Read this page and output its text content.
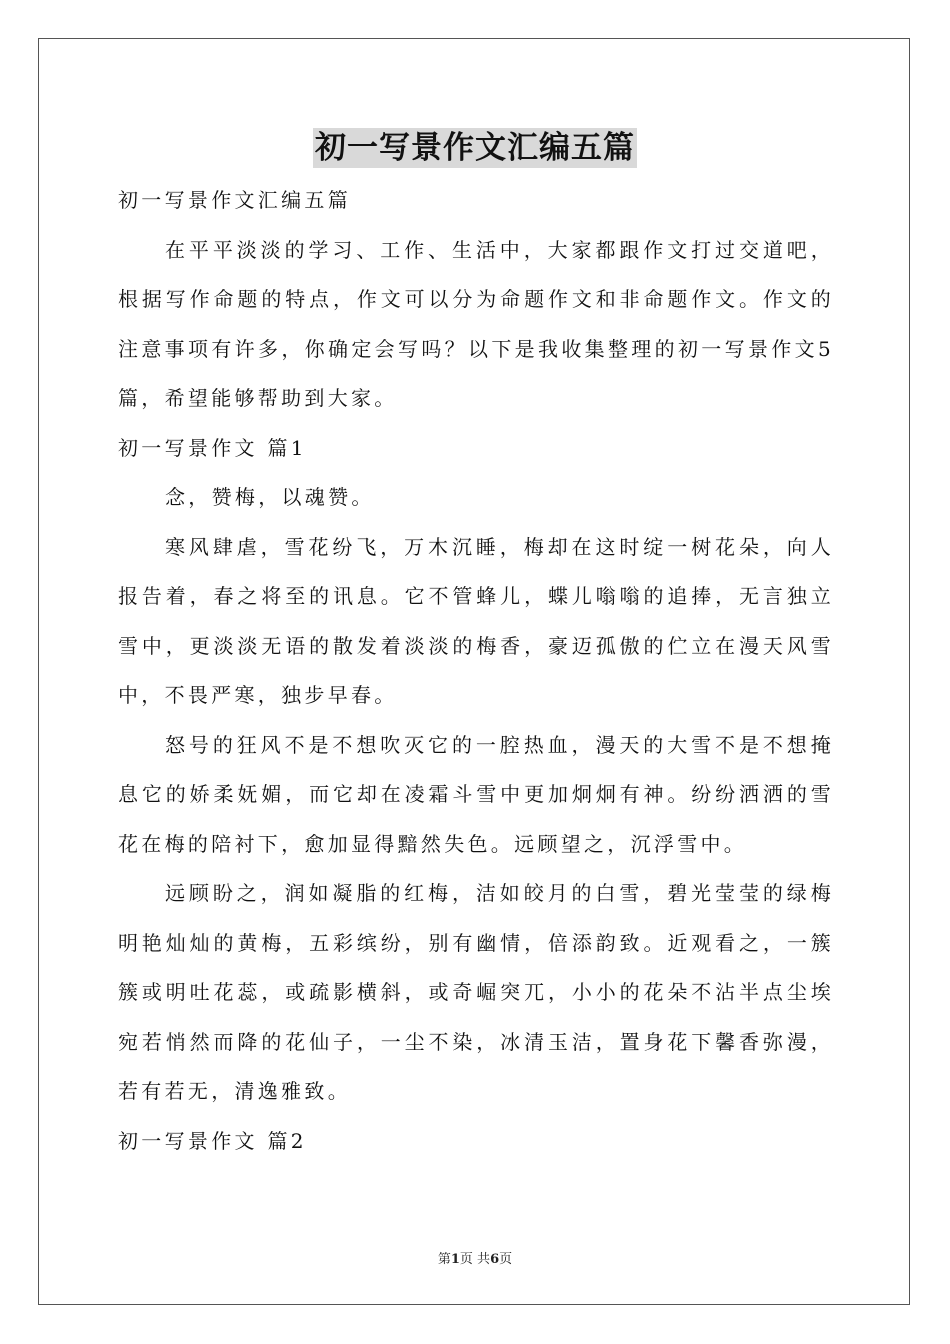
初一写景作文汇编五篇

初一写景作文汇编五篇

在平平淡淡的学习、工作、生活中，大家都跟作文打过交道吧，根据写作命题的特点，作文可以分为命题作文和非命题作文。作文的注意事项有许多，你确定会写吗？以下是我收集整理的初一写景作文5篇，希望能够帮助到大家。

初一写景作文 篇1

念，赞梅，以魂赞。

寒风肆虐，雪花纷飞，万木沉睡，梅却在这时绽一树花朵，向人报告着，春之将至的讯息。它不管蜂儿，蝶儿嗡嗡的追捧，无言独立雪中，更淡淡无语的散发着淡淡的梅香，豪迈孤傲的伫立在漫天风雪中，不畏严寒，独步早春。

怒号的狂风不是不想吹灭它的一腔热血，漫天的大雪不是不想掩息它的娇柔妩媚，而它却在凌霜斗雪中更加炯炯有神。纷纷洒洒的雪花在梅的陪衬下，愈加显得黯然失色。远顾望之，沉浮雪中。

远顾盼之，润如凝脂的红梅，洁如皎月的白雪，碧光莹莹的绿梅明艳灿灿的黄梅，五彩缤纷，别有幽情，倍添韵致。近观看之，一簇簇或明吐花蕊，或疏影横斜，或奇崛突兀，小小的花朵不沾半点尘埃宛若悄然而降的花仙子，一尘不染，冰清玉洁，置身花下馨香弥漫，若有若无，清逸雅致。

初一写景作文 篇2

第1页 共6页
